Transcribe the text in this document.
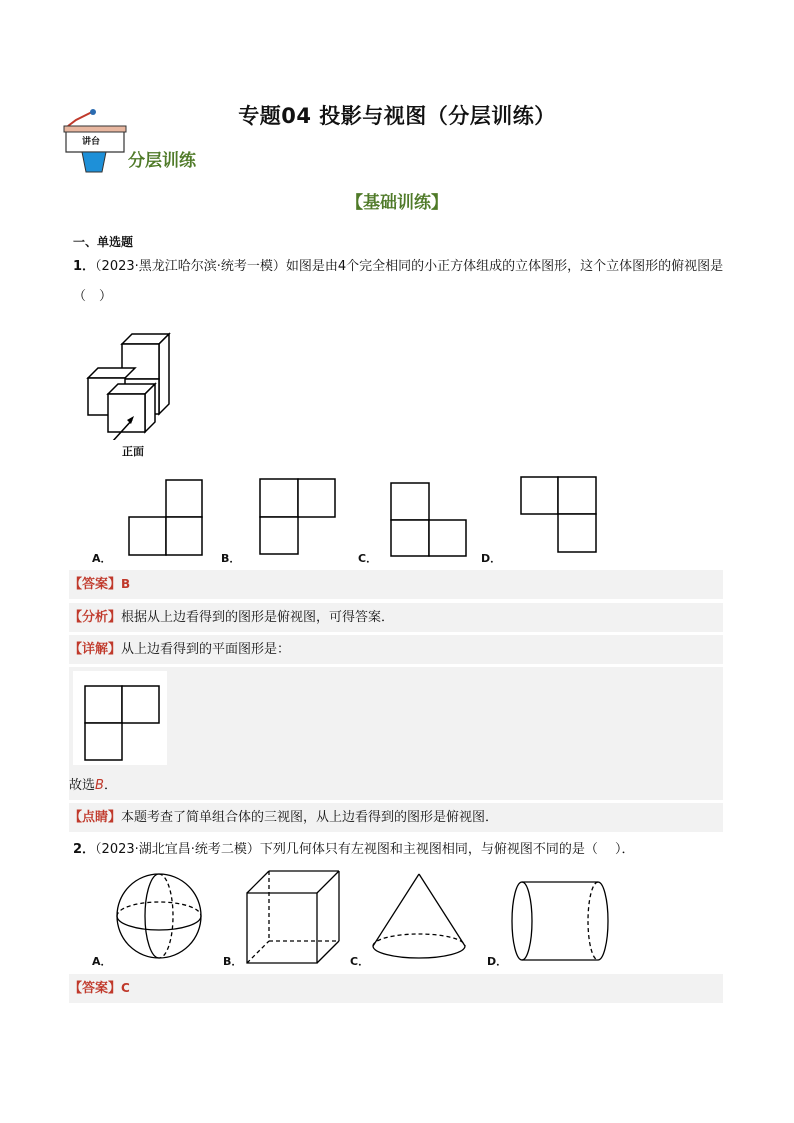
专题04 投影与视图（分层训练）
讲台
分层训练
【基础训练】
一、单选题
1．（2023·黑龙江哈尔滨·统考一模）如图是由4个完全相同的小正方体组成的立体图形，这个立体图形的俯视图是（　）
正面
A．	B．	C．	D．
【答案】B
【分析】根据从上边看得到的图形是俯视图，可得答案．
【详解】从上边看得到的平面图形是：
故选B．
【点睛】本题考查了简单组合体的三视图，从上边看得到的图形是俯视图．
2．（2023·湖北宜昌·统考二模）下列几何体只有左视图和主视图相同，与俯视图不同的是（　 ）．
A．	B．	C．	D．
【答案】C
